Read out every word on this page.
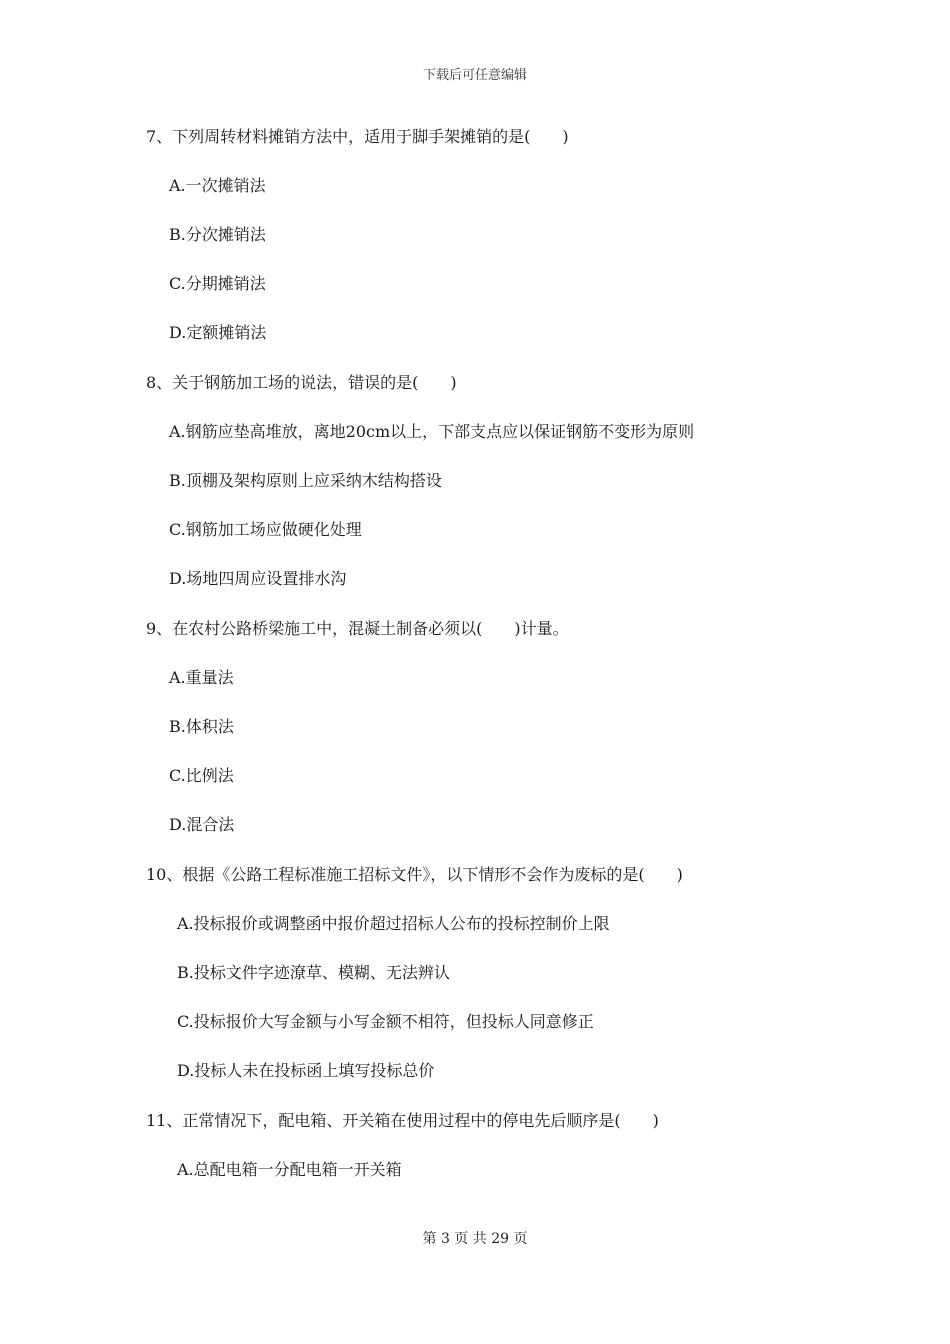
下载后可任意编辑
7、下列周转材料摊销方法中，适用于脚手架摊销的是(　　)
A.一次摊销法
B.分次摊销法
C.分期摊销法
D.定额摊销法
8、关于钢筋加工场的说法，错误的是(　　)
A.钢筋应垫高堆放，离地20cm以上，下部支点应以保证钢筋不变形为原则
B.顶棚及架构原则上应采纳木结构搭设
C.钢筋加工场应做硬化处理
D.场地四周应设置排水沟
9、在农村公路桥梁施工中，混凝土制备必须以(　　)计量。
A.重量法
B.体积法
C.比例法
D.混合法
10、根据《公路工程标准施工招标文件》，以下情形不会作为废标的是(　　)
A.投标报价或调整函中报价超过招标人公布的投标控制价上限
B.投标文件字迹潦草、模糊、无法辨认
C.投标报价大写金额与小写金额不相符，但投标人同意修正
D.投标人未在投标函上填写投标总价
11、正常情况下，配电箱、开关箱在使用过程中的停电先后顺序是(　　)
A.总配电箱一分配电箱一开关箱
第 3 页 共 29 页
